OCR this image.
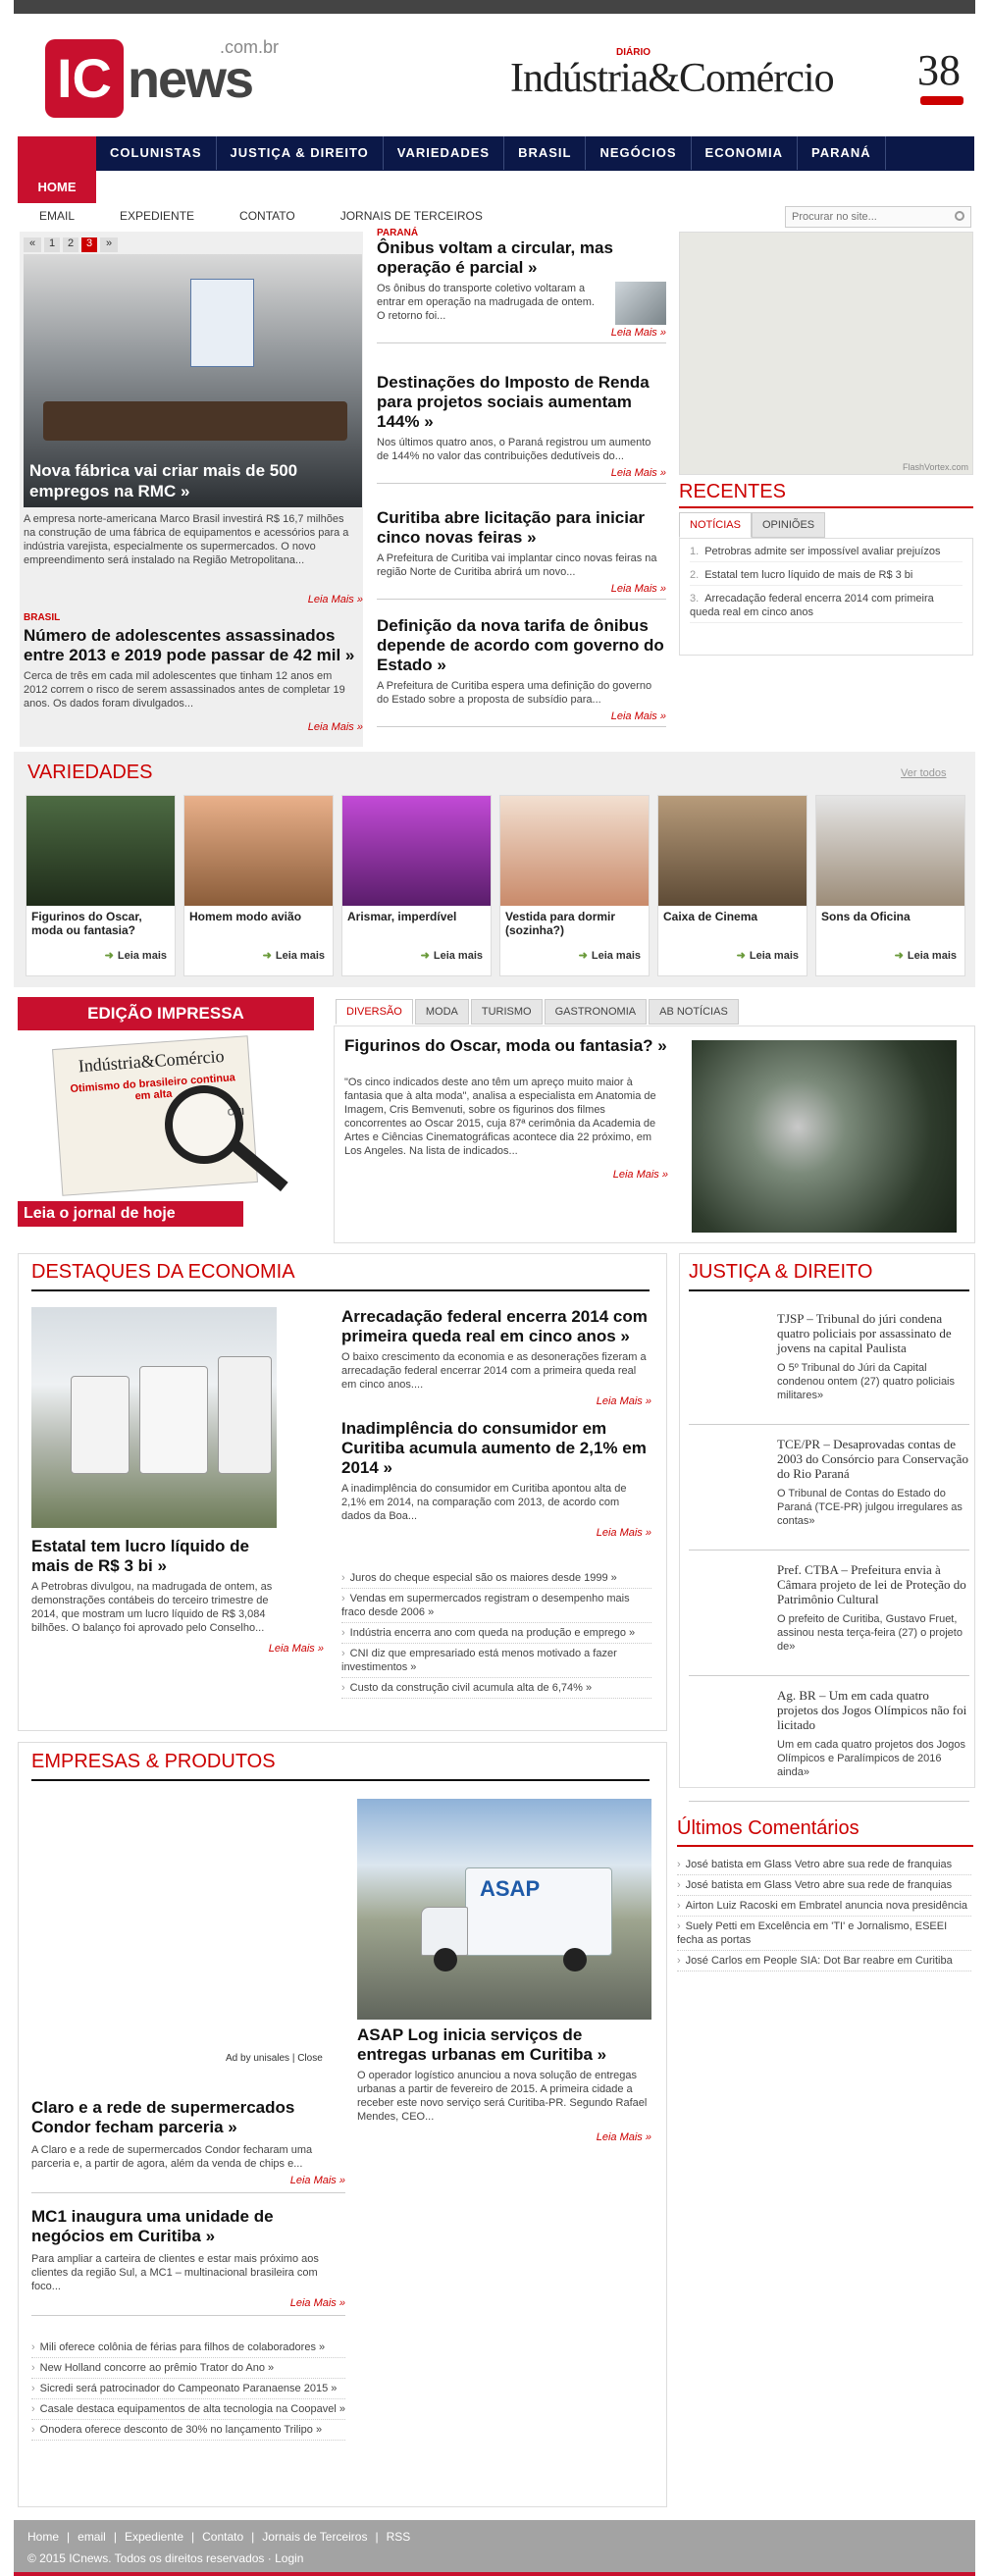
IC news
.com.br	DIÁRIO
Indústria&Comércio 38
COLUNISTAS JUSTIÇA & DIREITO VARIEDADES BRASIL NEGÓCIOS ECONOMIA PARANÁ
HOME
EMAIL	EXPEDIENTE	CONTATO	JORNAIS DE TERCEIROS
Procurar no site...
« 1 2 3 »
Nova fábrica vai criar mais de 500 empregos na RMC »

A empresa norte-americana Marco Brasil investirá R$ 16,7 milhões na construção de uma fábrica de equipamentos e acessórios para a indústria varejista, especialmente os supermercados. O novo empreendimento será instalado na Região Metropolitana...

Leia Mais »
BRASIL
Número de adolescentes assassinados entre 2013 e 2019 pode passar de 42 mil »

Cerca de três em cada mil adolescentes que tinham 12 anos em 2012 correm o risco de serem assassinados antes de completar 19 anos. Os dados foram divulgados...

Leia Mais »
PARANÁ
Ônibus voltam a circular, mas operação é parcial »

Os ônibus do transporte coletivo voltaram a entrar em operação na madrugada de ontem. O retorno foi...

Leia Mais »
Destinações do Imposto de Renda para projetos sociais aumentam 144% »

Nos últimos quatro anos, o Paraná registrou um aumento de 144% no valor das contribuições dedutíveis do...

Leia Mais »
Curitiba abre licitação para iniciar cinco novas feiras »

A Prefeitura de Curitiba vai implantar cinco novas feiras na região Norte de Curitiba abrirá um novo...

Leia Mais »
Definição da nova tarifa de ônibus depende de acordo com governo do Estado »

A Prefeitura de Curitiba espera uma definição do governo do Estado sobre a proposta de subsídio para...

Leia Mais »
FlashVortex.com
RECENTES
NOTÍCIAS OPINIÕES
1. Petrobras admite ser impossível avaliar prejuízos
2. Estatal tem lucro líquido de mais de R$ 3 bi
3. Arrecadação federal encerra 2014 com primeira queda real em cinco anos
VARIEDADES	Ver todos
Figurinos do Oscar, moda ou fantasia?
➜ Leia mais
Homem modo avião
➜ Leia mais
Arismar, imperdível
➜ Leia mais
Vestida para dormir (sozinha?)
➜ Leia mais
Caixa de Cinema
➜ Leia mais
Sons da Oficina
➜ Leia mais
EDIÇÃO IMPRESSA
Indústria&Comércio
Otimismo do brasileiro continua em alta
CNI
Leia o jornal de hoje
DIVERSÃO MODA TURISMO GASTRONOMIA AB NOTÍCIAS
Figurinos do Oscar, moda ou fantasia? »

"Os cinco indicados deste ano têm um apreço muito maior à fantasia que à alta moda", analisa a especialista em Anatomia de Imagem, Cris Bemvenuti, sobre os figurinos dos filmes concorrentes ao Oscar 2015, cuja 87ª cerimônia da Academia de Artes e Ciências Cinematográficas acontece dia 22 próximo, em Los Angeles. Na lista de indicados...

Leia Mais »
DESTAQUES DA ECONOMIA
Estatal tem lucro líquido de mais de R$ 3 bi »

A Petrobras divulgou, na madrugada de ontem, as demonstrações contábeis do terceiro trimestre de 2014, que mostram um lucro líquido de R$ 3,084 bilhões. O balanço foi aprovado pelo Conselho...

Leia Mais »
Arrecadação federal encerra 2014 com primeira queda real em cinco anos »

O baixo crescimento da economia e as desonerações fizeram a arrecadação federal encerrar 2014 com a primeira queda real em cinco anos....

Leia Mais »
Inadimplência do consumidor em Curitiba acumula aumento de 2,1% em 2014 »

A inadimplência do consumidor em Curitiba apontou alta de 2,1% em 2014, na comparação com 2013, de acordo com dados da Boa...

Leia Mais »
› Juros do cheque especial são os maiores desde 1999 »
› Vendas em supermercados registram o desempenho mais fraco desde 2006 »
› Indústria encerra ano com queda na produção e emprego »
› CNI diz que empresariado está menos motivado a fazer investimentos »
› Custo da construção civil acumula alta de 6,74% »
JUSTIÇA & DIREITO
TJSP – Tribunal do júri condena quatro policiais por assassinato de jovens na capital Paulista

O 5º Tribunal do Júri da Capital condenou ontem (27) quatro policiais militares»

TCE/PR – Desaprovadas contas de 2003 do Consórcio para Conservação do Rio Paraná

O Tribunal de Contas do Estado do Paraná (TCE-PR) julgou irregulares as contas»

Pref. CTBA – Prefeitura envia à Câmara projeto de lei de Proteção do Patrimônio Cultural

O prefeito de Curitiba, Gustavo Fruet, assinou nesta terça-feira (27) o projeto de»

Ag. BR – Um em cada quatro projetos dos Jogos Olímpicos não foi licitado

Um em cada quatro projetos dos Jogos Olímpicos e Paralímpicos de 2016 ainda»

EMPRESAS & PRODUTOS
Ad by unisales | Close
ASAP
ASAP Log inicia serviços de entregas urbanas em Curitiba »

O operador logístico anunciou a nova solução de entregas urbanas a partir de fevereiro de 2015. A primeira cidade a receber este novo serviço será Curitiba-PR. Segundo Rafael Mendes, CEO...

Leia Mais »
Claro e a rede de supermercados Condor fecham parceria »

A Claro e a rede de supermercados Condor fecharam uma parceria e, a partir de agora, além da venda de chips e...

Leia Mais »
MC1 inaugura uma unidade de negócios em Curitiba »

Para ampliar a carteira de clientes e estar mais próximo aos clientes da região Sul, a MC1 – multinacional brasileira com foco...

Leia Mais »
› Mili oferece colônia de férias para filhos de colaboradores »
› New Holland concorre ao prêmio Trator do Ano »
› Sicredi será patrocinador do Campeonato Paranaense 2015 »
› Casale destaca equipamentos de alta tecnologia na Coopavel »
› Onodera oferece desconto de 30% no lançamento Trilipo »
Últimos Comentários
› José batista em Glass Vetro abre sua rede de franquias
› José batista em Glass Vetro abre sua rede de franquias
› Airton Luiz Racoski em Embratel anuncia nova presidência
› Suely Petti em Excelência em 'TI' e Jornalismo, ESEEI fecha as portas
› José Carlos em People SIA: Dot Bar reabre em Curitiba
Home | email | Expediente | Contato | Jornais de Terceiros | RSS
© 2015 ICnews. Todos os direitos reservados · Login
